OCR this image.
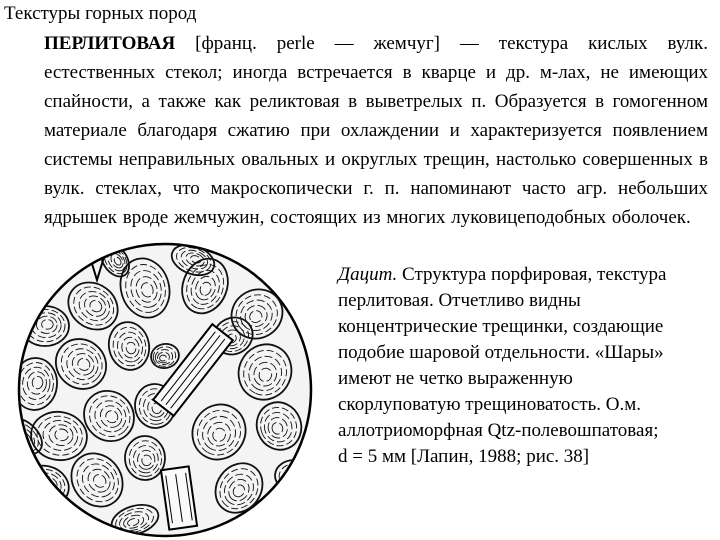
Текстуры горных пород
ПЕРЛИТОВАЯ [франц. perle — жемчуг] — текстура кислых вулк. естественных стекол; иногда встречается в кварце и др. м-лах, не имеющих спайности, а также как реликтовая в выветрелых п. Образуется в гомогенном материале благодаря сжатию при охлаждении и характеризуется появлением системы неправильных овальных и округлых трещин, настолько совершенных в вулк. стеклах, что макроскопически г. п. напоминают часто агр. небольших ядрышек вроде жемчужин, состоящих из многих луковицеподобных оболочек.
Дацит. Структура порфировая, текстура перлитовая. Отчетливо видны концентрические трещинки, создающие подобие шаровой отдельности. «Шары» имеют не четко выраженную скорлуповатую трещиноватость. О.м. аллотриоморфная Qtz-полевошпатовая; d = 5 мм [Лапин, 1988; рис. 38]
